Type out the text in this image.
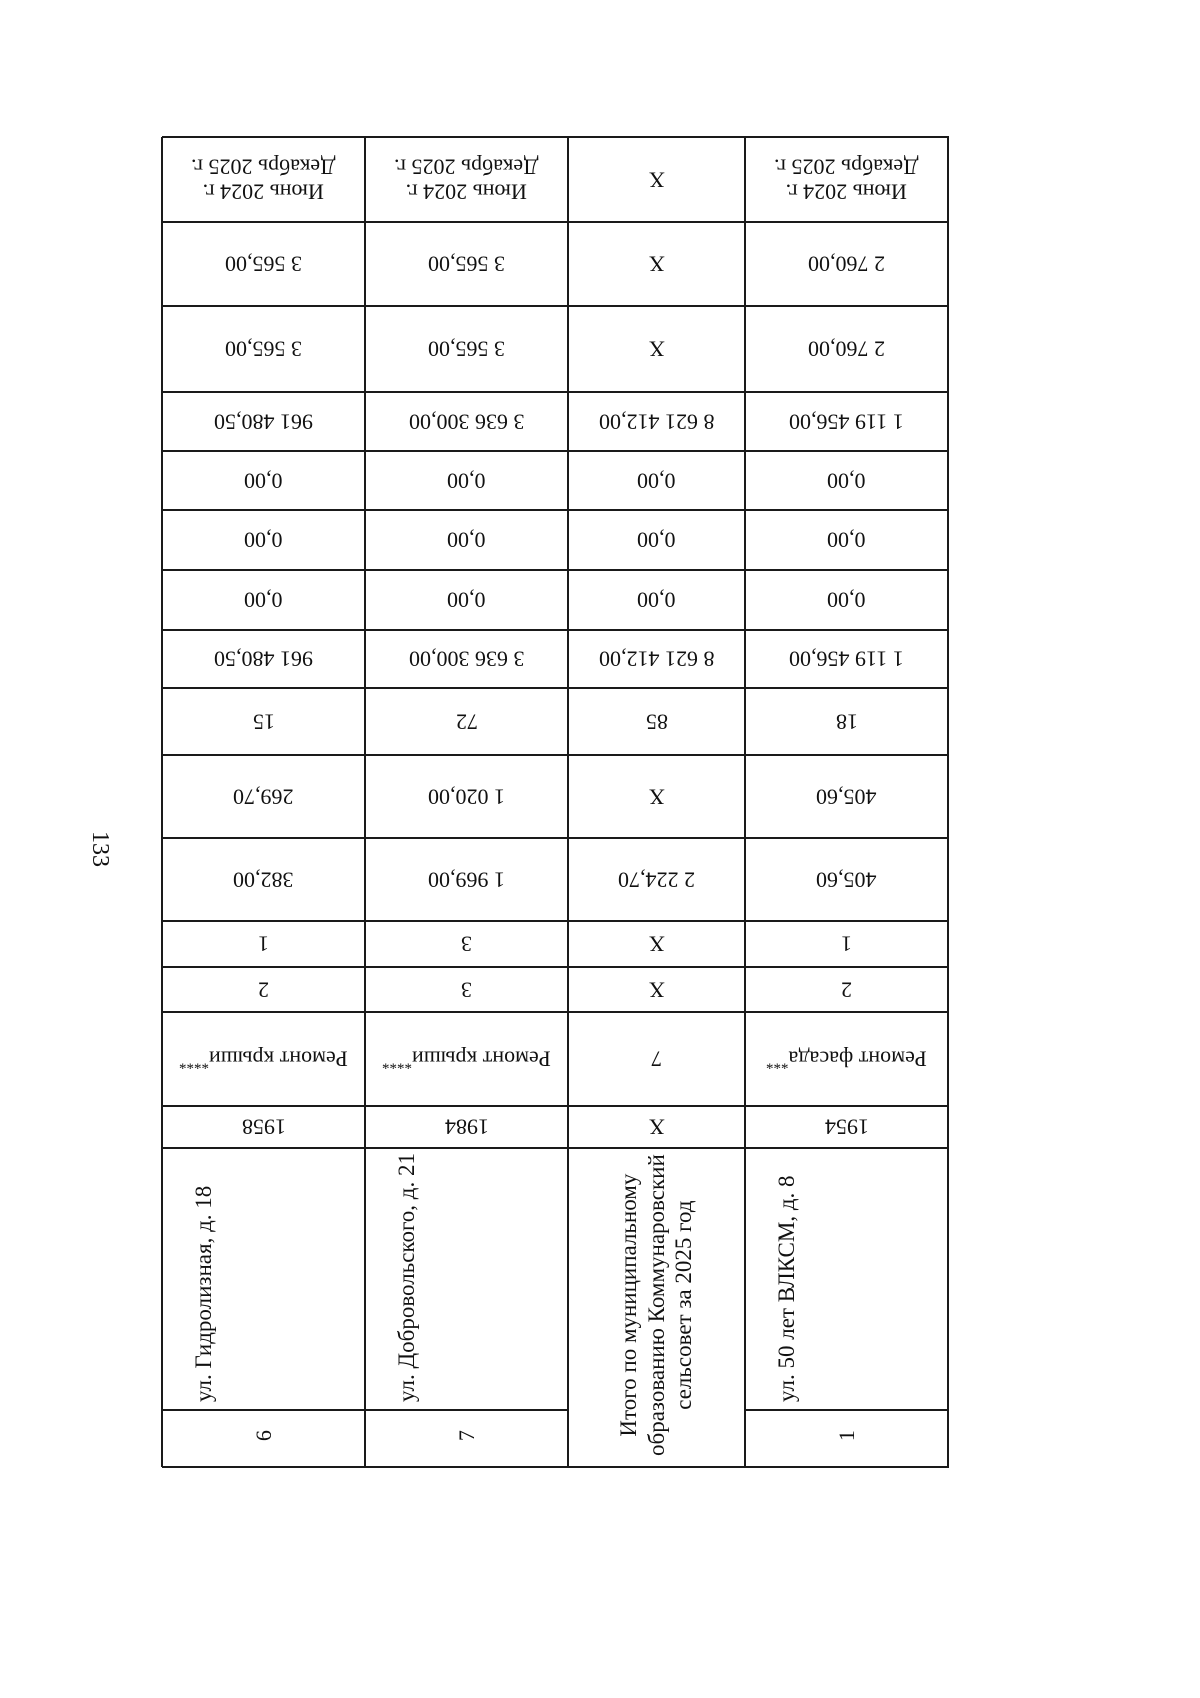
133
Июнь 2024 г.
Декабрь 2025 г.
3 565,00
3 565,00
961 480,50
0,00
0,00
0,00
961 480,50
15
269,70
382,00
1
2
Ремонт крыши****
1958
ул. Гидролизная, д. 18
6
Июнь 2024 г.
Декабрь 2025 г.
3 565,00
3 565,00
3 636 300,00
0,00
0,00
0,00
3 636 300,00
72
1 020,00
1 969,00
3
3
Ремонт крыши****
1984
ул. Добровольского, д. 21
7
Х
Х
Х
8 621 412,00
0,00
0,00
0,00
8 621 412,00
85
Х
2 224,70
Х
Х
7
Х
Итого по муниципальному образованию Коммунаровский сельсовет за 2025 год
Июнь 2024 г.
Декабрь 2025 г.
2 760,00
2 760,00
1 119 456,00
0,00
0,00
0,00
1 119 456,00
18
405,60
405,60
1
2
Ремонт фасада***
1954
ул. 50 лет ВЛКСМ, д. 8
1
